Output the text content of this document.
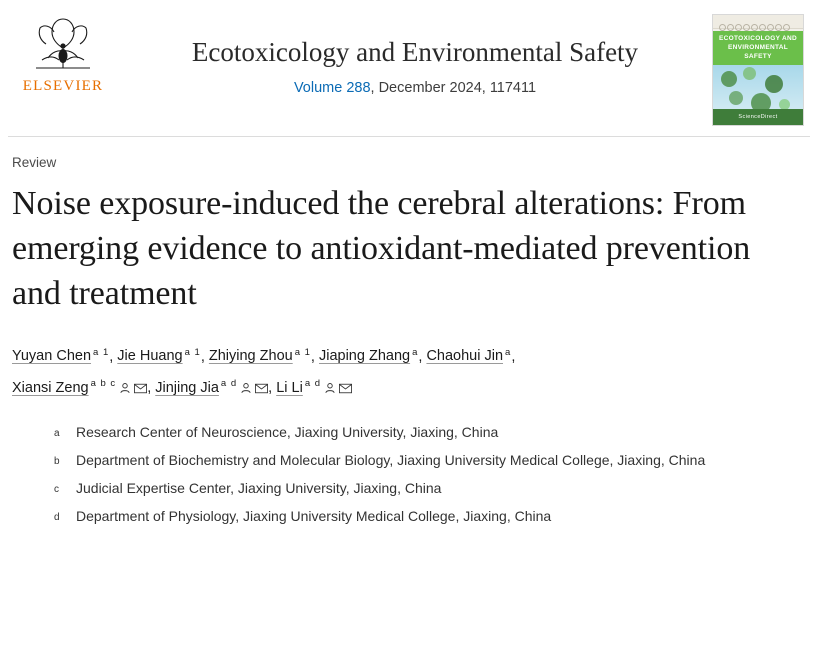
ELSEVIER
Ecotoxicology and Environmental Safety
Volume 288, December 2024, 117411
ECOTOXICOLOGY AND ENVIRONMENTAL SAFETY
ScienceDirect
Review
Noise exposure-induced the cerebral alterations: From emerging evidence to antioxidant-mediated prevention and treatment
Yuyan Chen $^{a 1}$, Jie Huang $^{a 1}$, Zhiying Zhou $^{a 1}$, Jiaping Zhang $^a$, Chaohui Jin $^a$,
Xiansi Zeng $^{a b c}$ , Jinjing Jia $^{a d}$ , Li Li $^{a d}$
a	Research Center of Neuroscience, Jiaxing University, Jiaxing, China
b	Department of Biochemistry and Molecular Biology, Jiaxing University Medical College, Jiaxing, China
c	Judicial Expertise Center, Jiaxing University, Jiaxing, China
d	Department of Physiology, Jiaxing University Medical College, Jiaxing, China
